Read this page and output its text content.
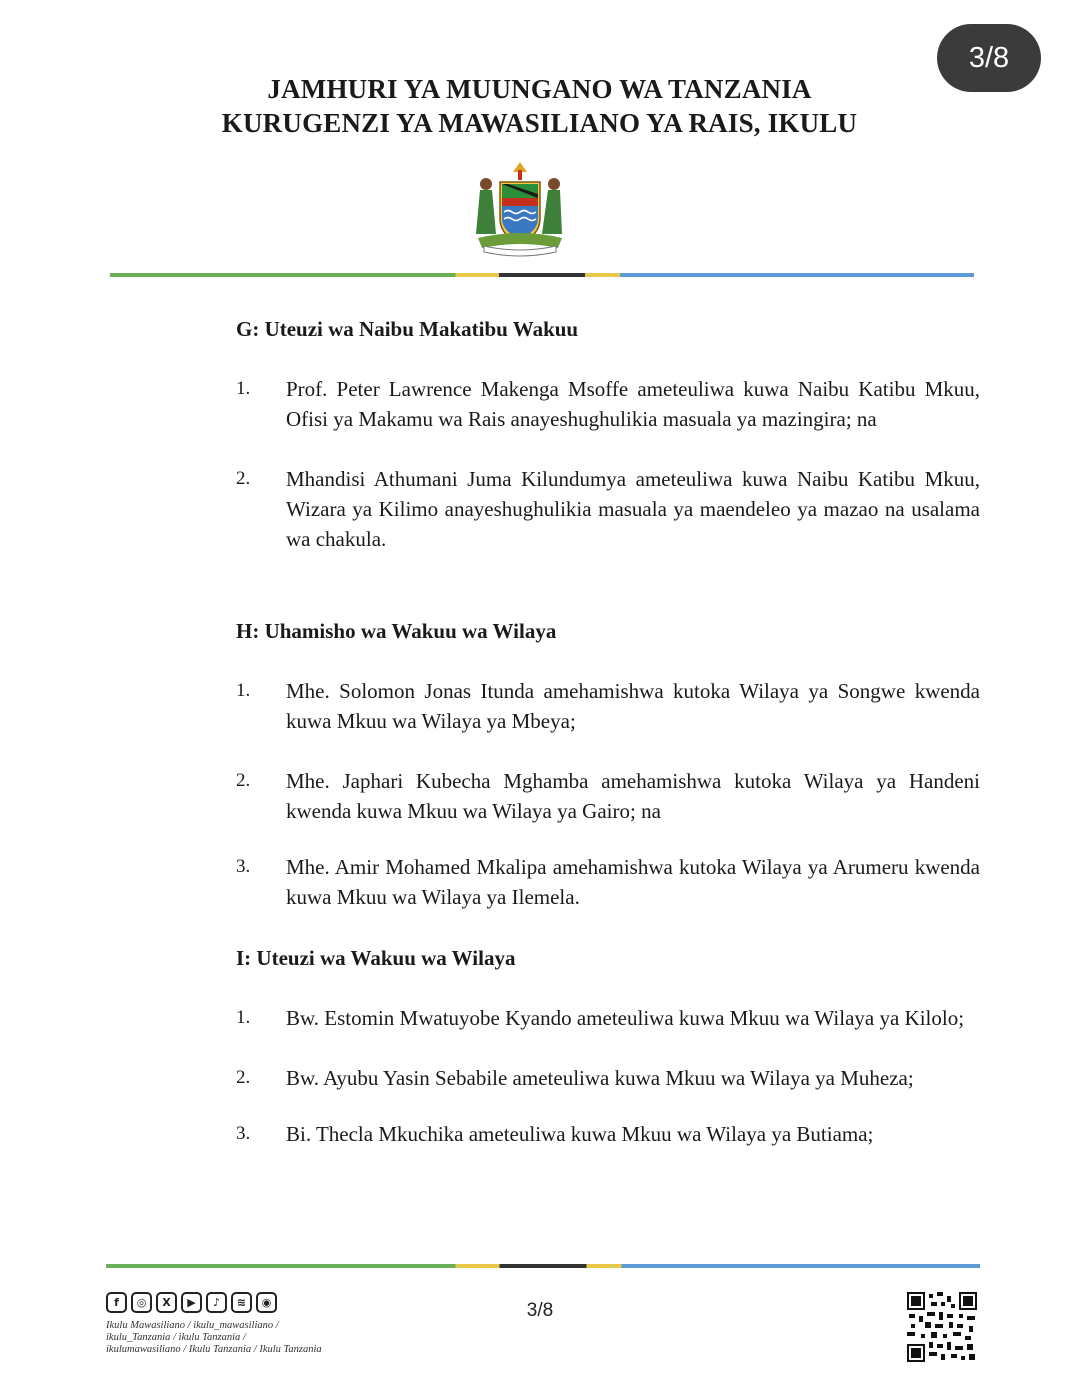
3/8
JAMHURI YA MUUNGANO WA TANZANIA
KURUGENZI YA MAWASILIANO YA RAIS, IKULU
G: Uteuzi wa Naibu Makatibu Wakuu
1.	Prof. Peter Lawrence Makenga Msoffe ameteuliwa kuwa Naibu Katibu Mkuu, Ofisi ya Makamu wa Rais anayeshughulikia masuala ya mazingira; na
2.	Mhandisi Athumani Juma Kilundumya ameteuliwa kuwa Naibu Katibu Mkuu, Wizara ya Kilimo anayeshughulikia masuala ya maendeleo ya mazao na usalama wa chakula.
H: Uhamisho wa Wakuu wa Wilaya
1.	Mhe. Solomon Jonas Itunda amehamishwa kutoka Wilaya ya Songwe kwenda kuwa Mkuu wa Wilaya ya Mbeya;
2.	Mhe. Japhari Kubecha Mghamba amehamishwa kutoka Wilaya ya Handeni kwenda kuwa Mkuu wa Wilaya ya Gairo; na
3.	Mhe. Amir Mohamed Mkalipa amehamishwa kutoka Wilaya ya Arumeru kwenda kuwa Mkuu wa Wilaya ya Ilemela.
I: Uteuzi wa Wakuu wa Wilaya
1.	Bw. Estomin Mwatuyobe Kyando ameteuliwa kuwa Mkuu wa Wilaya ya Kilolo;
2.	Bw. Ayubu Yasin Sebabile ameteuliwa kuwa Mkuu wa Wilaya ya Muheza;
3.	Bi. Thecla Mkuchika ameteuliwa kuwa Mkuu wa Wilaya ya Butiama;
f	◎	X	▶	♪	≋	◉
Ikulu Mawasiliano / ikulu_mawasiliano /
ikulu_Tanzania / ikulu Tanzania /
ikulumawasiliano / Ikulu Tanzania / Ikulu Tanzania
3/8
